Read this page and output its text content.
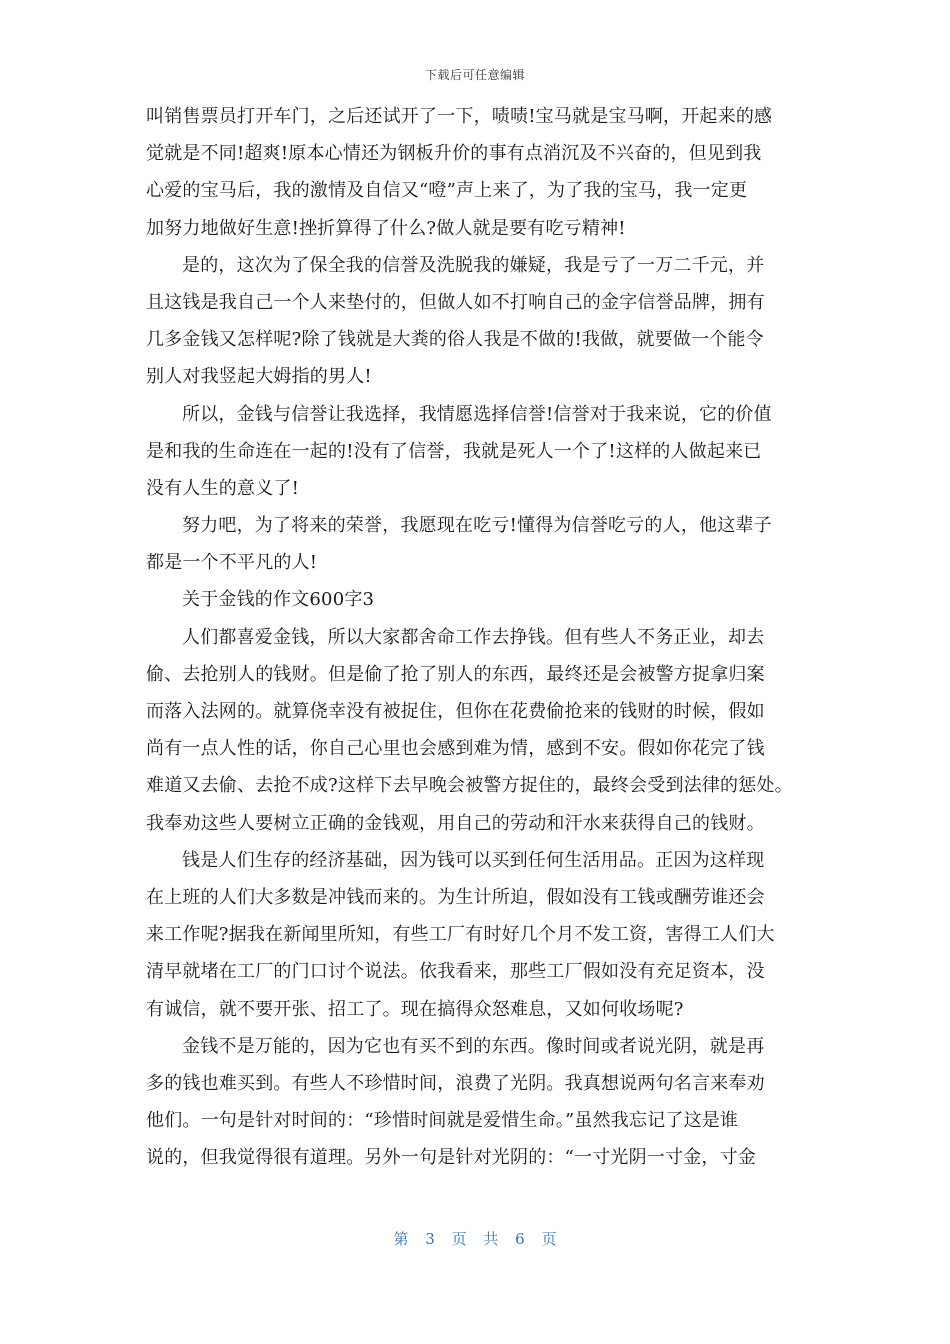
下载后可任意编辑
叫销售票员打开车门，之后还试开了一下，啧啧!宝马就是宝马啊，开起来的感
觉就是不同!超爽!原本心情还为钢板升价的事有点消沉及不兴奋的，但见到我
心爱的宝马后，我的激情及自信又“噔”声上来了，为了我的宝马，我一定更
加努力地做好生意!挫折算得了什么?做人就是要有吃亏精神!
是的，这次为了保全我的信誉及洗脱我的嫌疑，我是亏了一万二千元，并
且这钱是我自己一个人来垫付的，但做人如不打响自己的金字信誉品牌，拥有
几多金钱又怎样呢?除了钱就是大粪的俗人我是不做的!我做，就要做一个能令
别人对我竖起大姆指的男人!
所以，金钱与信誉让我选择，我情愿选择信誉!信誉对于我来说，它的价值
是和我的生命连在一起的!没有了信誉，我就是死人一个了!这样的人做起来已
没有人生的意义了!
努力吧，为了将来的荣誉，我愿现在吃亏!懂得为信誉吃亏的人，他这辈子
都是一个不平凡的人!
关于金钱的作文600字3
人们都喜爱金钱，所以大家都舍命工作去挣钱。但有些人不务正业，却去
偷、去抢别人的钱财。但是偷了抢了别人的东西，最终还是会被警方捉拿归案
而落入法网的。就算侥幸没有被捉住，但你在花费偷抢来的钱财的时候，假如
尚有一点人性的话，你自己心里也会感到难为情，感到不安。假如你花完了钱
难道又去偷、去抢不成?这样下去早晚会被警方捉住的，最终会受到法律的惩处。
我奉劝这些人要树立正确的金钱观，用自己的劳动和汗水来获得自己的钱财。
钱是人们生存的经济基础，因为钱可以买到任何生活用品。正因为这样现
在上班的人们大多数是冲钱而来的。为生计所迫，假如没有工钱或酬劳谁还会
来工作呢?据我在新闻里所知，有些工厂有时好几个月不发工资，害得工人们大
清早就堵在工厂的门口讨个说法。依我看来，那些工厂假如没有充足资本，没
有诚信，就不要开张、招工了。现在搞得众怒难息，又如何收场呢?
金钱不是万能的，因为它也有买不到的东西。像时间或者说光阴，就是再
多的钱也难买到。有些人不珍惜时间，浪费了光阴。我真想说两句名言来奉劝
他们。一句是针对时间的：“珍惜时间就是爱惜生命。”虽然我忘记了这是谁
说的，但我觉得很有道理。另外一句是针对光阴的：“一寸光阴一寸金，寸金
第 3 页 共 6 页
